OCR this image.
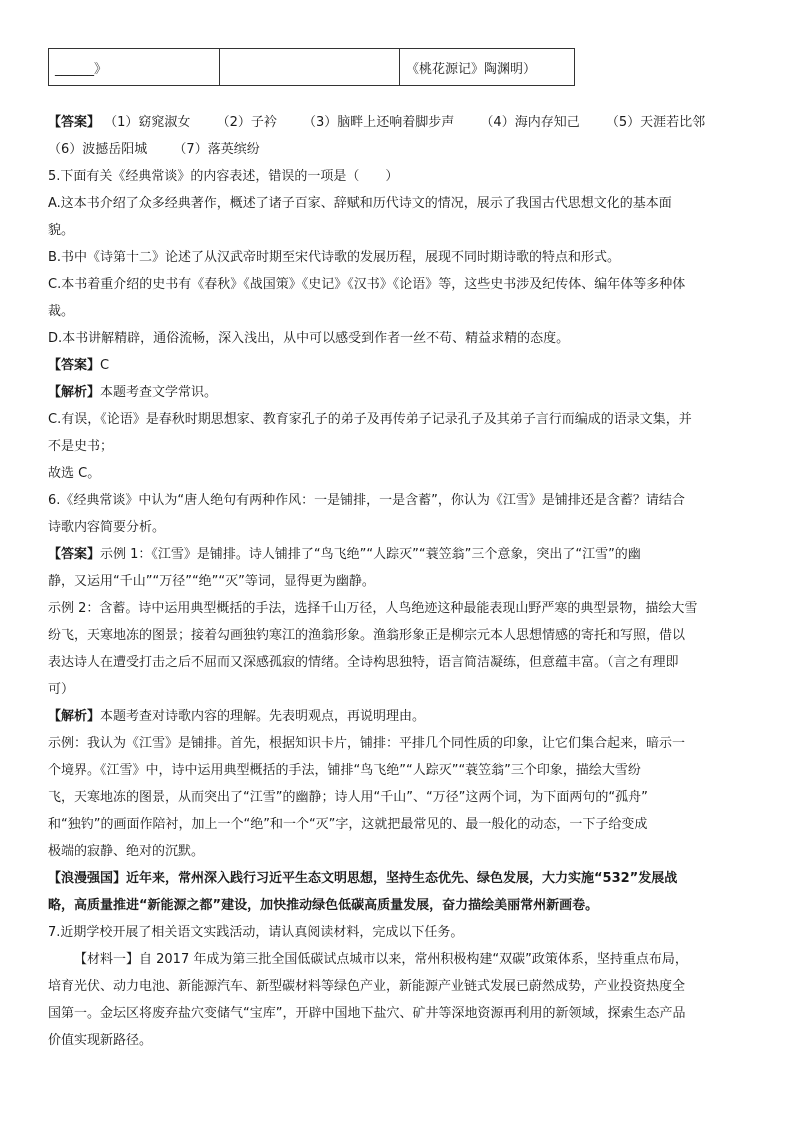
______》		《桃花源记》陶渊明）
【答案】 （1）窈窕淑女 （2）子衿 （3）脑畔上还响着脚步声 （4）海内存知己 （5）天涯若比邻
（6）波撼岳阳城 （7）落英缤纷
5.下面有关《经典常谈》的内容表述，错误的一项是（　　）
A.这本书介绍了众多经典著作，概述了诸子百家、辞赋和历代诗文的情况，展示了我国古代思想文化的基本面
貌。
B.书中《诗第十二》论述了从汉武帝时期至宋代诗歌的发展历程，展现不同时期诗歌的特点和形式。
C.本书着重介绍的史书有《春秋》《战国策》《史记》《汉书》《论语》等，这些史书涉及纪传体、编年体等多种体
裁。
D.本书讲解精辟，通俗流畅，深入浅出，从中可以感受到作者一丝不苟、精益求精的态度。
【答案】C
【解析】本题考查文学常识。
C.有误，《论语》是春秋时期思想家、教育家孔子的弟子及再传弟子记录孔子及其弟子言行而编成的语录文集，并
不是史书；
故选 C。
6.《经典常谈》中认为“唐人绝句有两种作风：一是铺排，一是含蓄”，你认为《江雪》是铺排还是含蓄？请结合
诗歌内容简要分析。
【答案】示例 1：《江雪》是铺排。诗人铺排了“鸟飞绝”“人踪灭”“蓑笠翁”三个意象，突出了“江雪”的幽
静，又运用“千山”“万径”“绝”“灭”等词，显得更为幽静。
示例 2：含蓄。诗中运用典型概括的手法，选择千山万径，人鸟绝迹这种最能表现山野严寒的典型景物，描绘大雪
纷飞，天寒地冻的图景；接着勾画独钓寒江的渔翁形象。渔翁形象正是柳宗元本人思想情感的寄托和写照，借以
表达诗人在遭受打击之后不屈而又深感孤寂的情绪。全诗构思独特，语言简洁凝练，但意蕴丰富。（言之有理即
可）
【解析】本题考查对诗歌内容的理解。先表明观点，再说明理由。
示例：我认为《江雪》是铺排。首先，根据知识卡片，铺排：平排几个同性质的印象，让它们集合起来，暗示一
个境界。《江雪》中，诗中运用典型概括的手法，铺排“鸟飞绝”“人踪灭”“蓑笠翁”三个印象，描绘大雪纷
飞，天寒地冻的图景，从而突出了“江雪”的幽静；诗人用“千山”、“万径”这两个词，为下面两句的“孤舟”
和“独钓”的画面作陪衬，加上一个“绝”和一个“灭”字，这就把最常见的、最一般化的动态，一下子给变成
极端的寂静、绝对的沉默。
【浪漫强国】近年来，常州深入践行习近平生态文明思想，坚持生态优先、绿色发展，大力实施“532”发展战
略，高质量推进“新能源之都”建设，加快推动绿色低碳高质量发展，奋力描绘美丽常州新画卷。
7.近期学校开展了相关语文实践活动，请认真阅读材料，完成以下任务。
【材料一】自 2017 年成为第三批全国低碳试点城市以来，常州积极构建“双碳”政策体系，坚持重点布局，
培育光伏、动力电池、新能源汽车、新型碳材料等绿色产业，新能源产业链式发展已蔚然成势，产业投资热度全
国第一。金坛区将废弃盐穴变储气“宝库”，开辟中国地下盐穴、矿井等深地资源再利用的新领域，探索生态产品
价值实现新路径。
